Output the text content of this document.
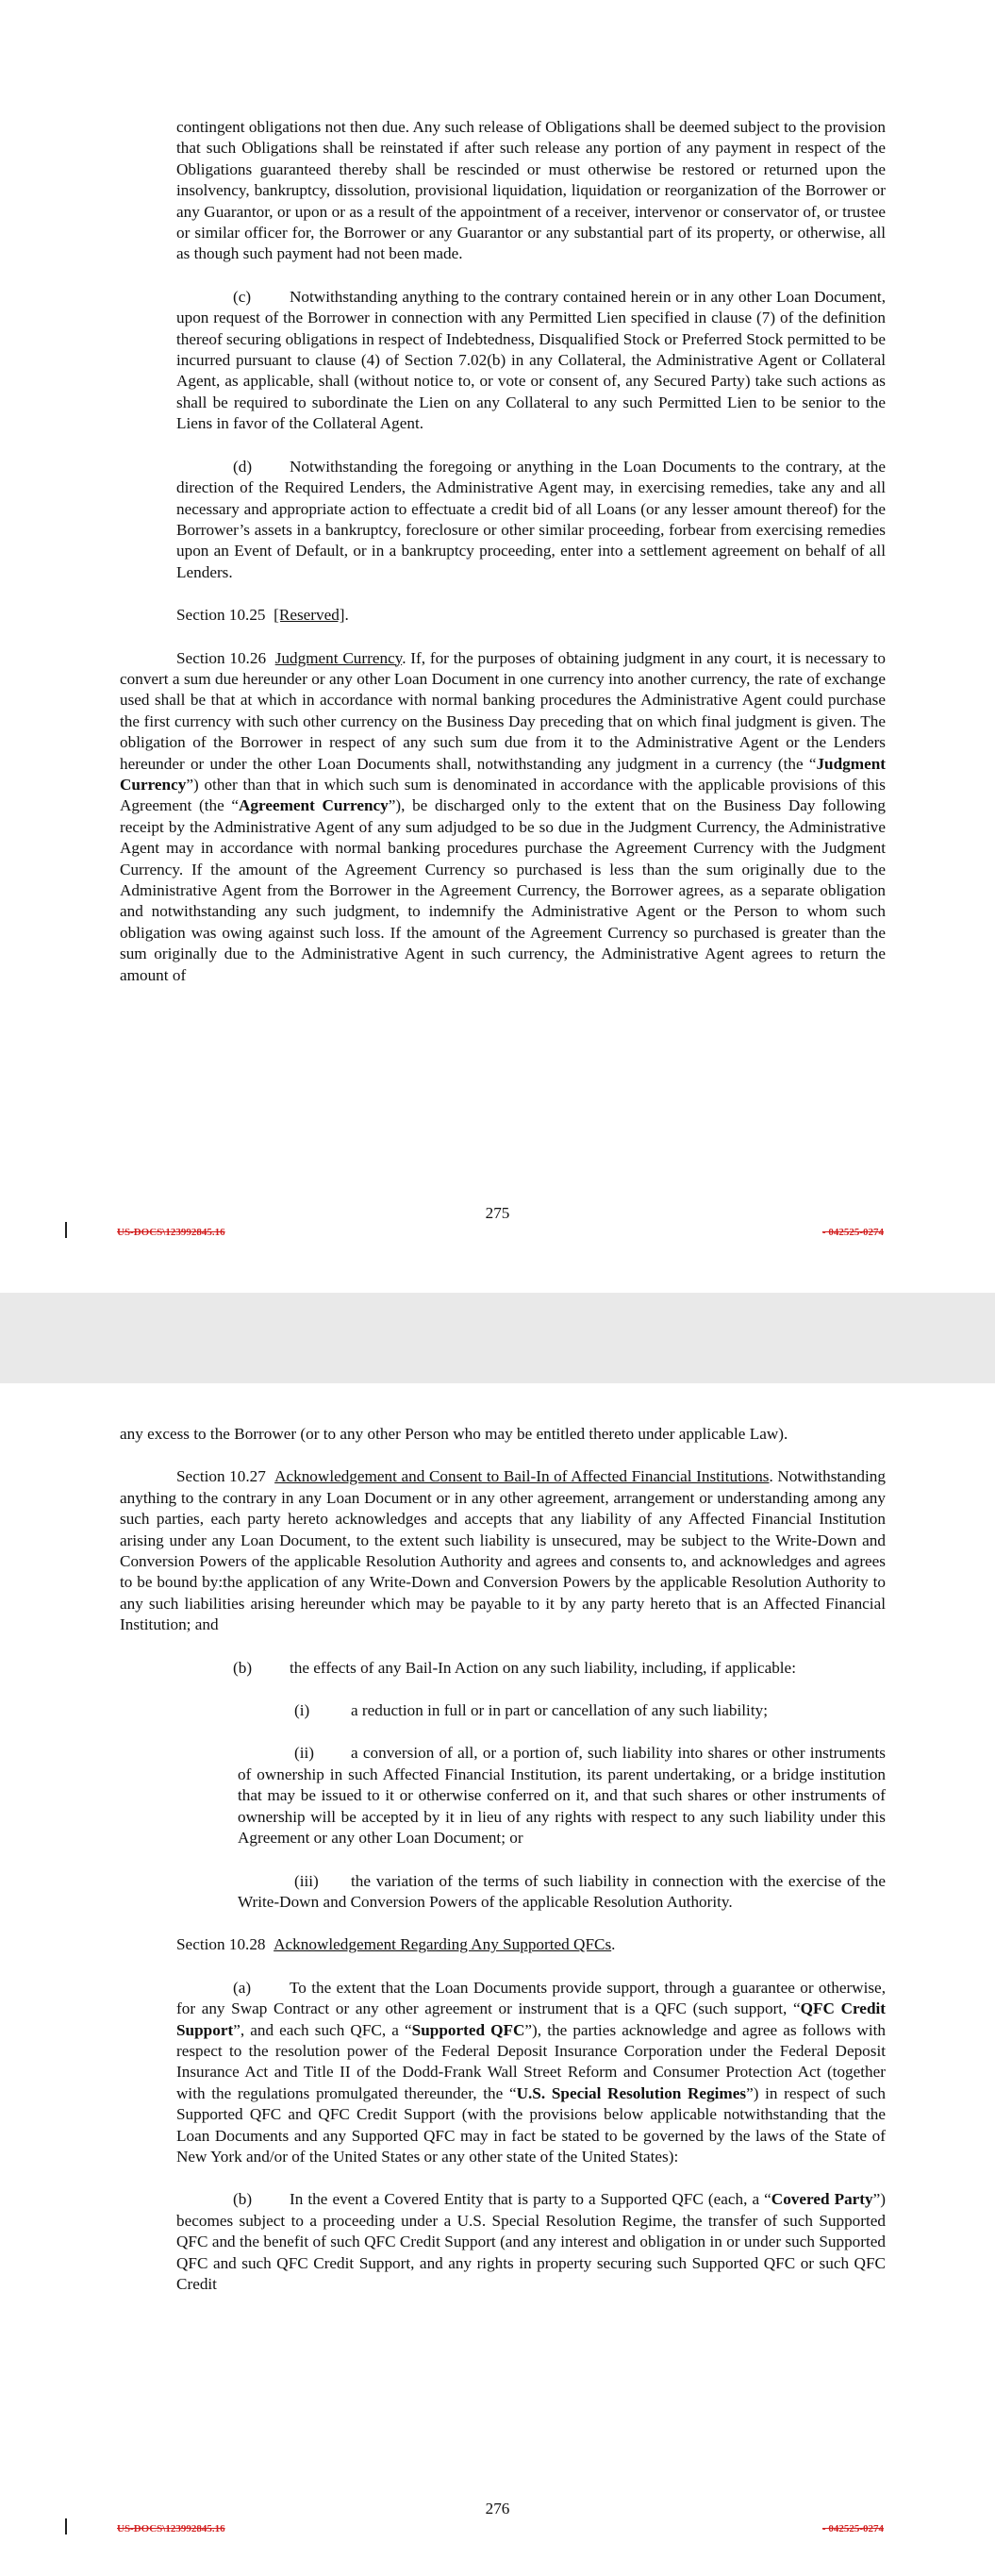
contingent obligations not then due. Any such release of Obligations shall be deemed subject to the provision that such Obligations shall be reinstated if after such release any portion of any payment in respect of the Obligations guaranteed thereby shall be rescinded or must otherwise be restored or returned upon the insolvency, bankruptcy, dissolution, provisional liquidation, liquidation or reorganization of the Borrower or any Guarantor, or upon or as a result of the appointment of a receiver, intervenor or conservator of, or trustee or similar officer for, the Borrower or any Guarantor or any substantial part of its property, or otherwise, all as though such payment had not been made.

(c) Notwithstanding anything to the contrary contained herein or in any other Loan Document, upon request of the Borrower in connection with any Permitted Lien specified in clause (7) of the definition thereof securing obligations in respect of Indebtedness, Disqualified Stock or Preferred Stock permitted to be incurred pursuant to clause (4) of Section 7.02(b) in any Collateral, the Administrative Agent or Collateral Agent, as applicable, shall (without notice to, or vote or consent of, any Secured Party) take such actions as shall be required to subordinate the Lien on any Collateral to any such Permitted Lien to be senior to the Liens in favor of the Collateral Agent.

(d) Notwithstanding the foregoing or anything in the Loan Documents to the contrary, at the direction of the Required Lenders, the Administrative Agent may, in exercising remedies, take any and all necessary and appropriate action to effectuate a credit bid of all Loans (or any lesser amount thereof) for the Borrower’s assets in a bankruptcy, foreclosure or other similar proceeding, forbear from exercising remedies upon an Event of Default, or in a bankruptcy proceeding, enter into a settlement agreement on behalf of all Lenders.

Section 10.25 [Reserved].

Section 10.26 Judgment Currency. If, for the purposes of obtaining judgment in any court, it is necessary to convert a sum due hereunder or any other Loan Document in one currency into another currency, the rate of exchange used shall be that at which in accordance with normal banking procedures the Administrative Agent could purchase the first currency with such other currency on the Business Day preceding that on which final judgment is given. The obligation of the Borrower in respect of any such sum due from it to the Administrative Agent or the Lenders hereunder or under the other Loan Documents shall, notwithstanding any judgment in a currency (the “Judgment Currency”) other than that in which such sum is denominated in accordance with the applicable provisions of this Agreement (the “Agreement Currency”), be discharged only to the extent that on the Business Day following receipt by the Administrative Agent of any sum adjudged to be so due in the Judgment Currency, the Administrative Agent may in accordance with normal banking procedures purchase the Agreement Currency with the Judgment Currency. If the amount of the Agreement Currency so purchased is less than the sum originally due to the Administrative Agent from the Borrower in the Agreement Currency, the Borrower agrees, as a separate obligation and notwithstanding any such judgment, to indemnify the Administrative Agent or the Person to whom such obligation was owing against such loss. If the amount of the Agreement Currency so purchased is greater than the sum originally due to the Administrative Agent in such currency, the Administrative Agent agrees to return the amount of

275
US-DOCS\123992845.16	- 042525-0274

any excess to the Borrower (or to any other Person who may be entitled thereto under applicable Law).

Section 10.27 Acknowledgement and Consent to Bail-In of Affected Financial Institutions. Notwithstanding anything to the contrary in any Loan Document or in any other agreement, arrangement or understanding among any such parties, each party hereto acknowledges and accepts that any liability of any Affected Financial Institution arising under any Loan Document, to the extent such liability is unsecured, may be subject to the Write-Down and Conversion Powers of the applicable Resolution Authority and agrees and consents to, and acknowledges and agrees to be bound by:the application of any Write-Down and Conversion Powers by the applicable Resolution Authority to any such liabilities arising hereunder which may be payable to it by any party hereto that is an Affected Financial Institution; and

(b) the effects of any Bail-In Action on any such liability, including, if applicable:

(i)	a reduction in full or in part or cancellation of any such liability;

(ii) a conversion of all, or a portion of, such liability into shares or other instruments of ownership in such Affected Financial Institution, its parent undertaking, or a bridge institution that may be issued to it or otherwise conferred on it, and that such shares or other instruments of ownership will be accepted by it in lieu of any rights with respect to any such liability under this Agreement or any other Loan Document; or

(iii) the variation of the terms of such liability in connection with the exercise of the Write-Down and Conversion Powers of the applicable Resolution Authority.

Section 10.28 Acknowledgement Regarding Any Supported QFCs.

(a) To the extent that the Loan Documents provide support, through a guarantee or otherwise, for any Swap Contract or any other agreement or instrument that is a QFC (such support, “QFC Credit Support”, and each such QFC, a “Supported QFC”), the parties acknowledge and agree as follows with respect to the resolution power of the Federal Deposit Insurance Corporation under the Federal Deposit Insurance Act and Title II of the Dodd-Frank Wall Street Reform and Consumer Protection Act (together with the regulations promulgated thereunder, the “U.S. Special Resolution Regimes”) in respect of such Supported QFC and QFC Credit Support (with the provisions below applicable notwithstanding that the Loan Documents and any Supported QFC may in fact be stated to be governed by the laws of the State of New York and/or of the United States or any other state of the United States):

(b) In the event a Covered Entity that is party to a Supported QFC (each, a “Covered Party”) becomes subject to a proceeding under a U.S. Special Resolution Regime, the transfer of such Supported QFC and the benefit of such QFC Credit Support (and any interest and obligation in or under such Supported QFC and such QFC Credit Support, and any rights in property securing such Supported QFC or such QFC Credit

276
US-DOCS\123992845.16	- 042525-0274
